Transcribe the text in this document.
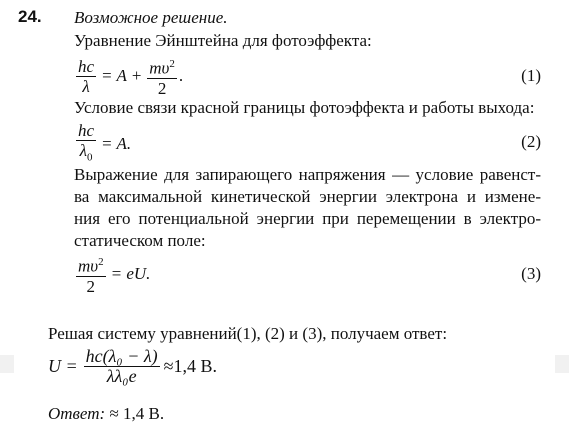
24. Возможное решение.
Уравнение Эйнштейна для фотоэффекта:
$\frac{hc}{\lambda} = A + \frac{m\upsilon^2}{2}$ .	(1)
Условие связи красной границы фотоэффекта и работы выхода:
$\frac{hc}{\lambda_0} = A$.	(2)
Выражение для запирающего напряжения — условие равенст-
ва максимальной кинетической энергии электрона и измене-
ния его потенциальной энергии при перемещении в электро-
статическом поле:
$\frac{m\upsilon^2}{2}$ = eU.	(3)
Решая систему уравнений(1), (2) и (3), получаем ответ:
$U = \frac{\text{hc(λ₀ − λ)}}{\text{λλ₀e}} \approx 1,4$ В.
Ответ: ≈ 1,4 В.
